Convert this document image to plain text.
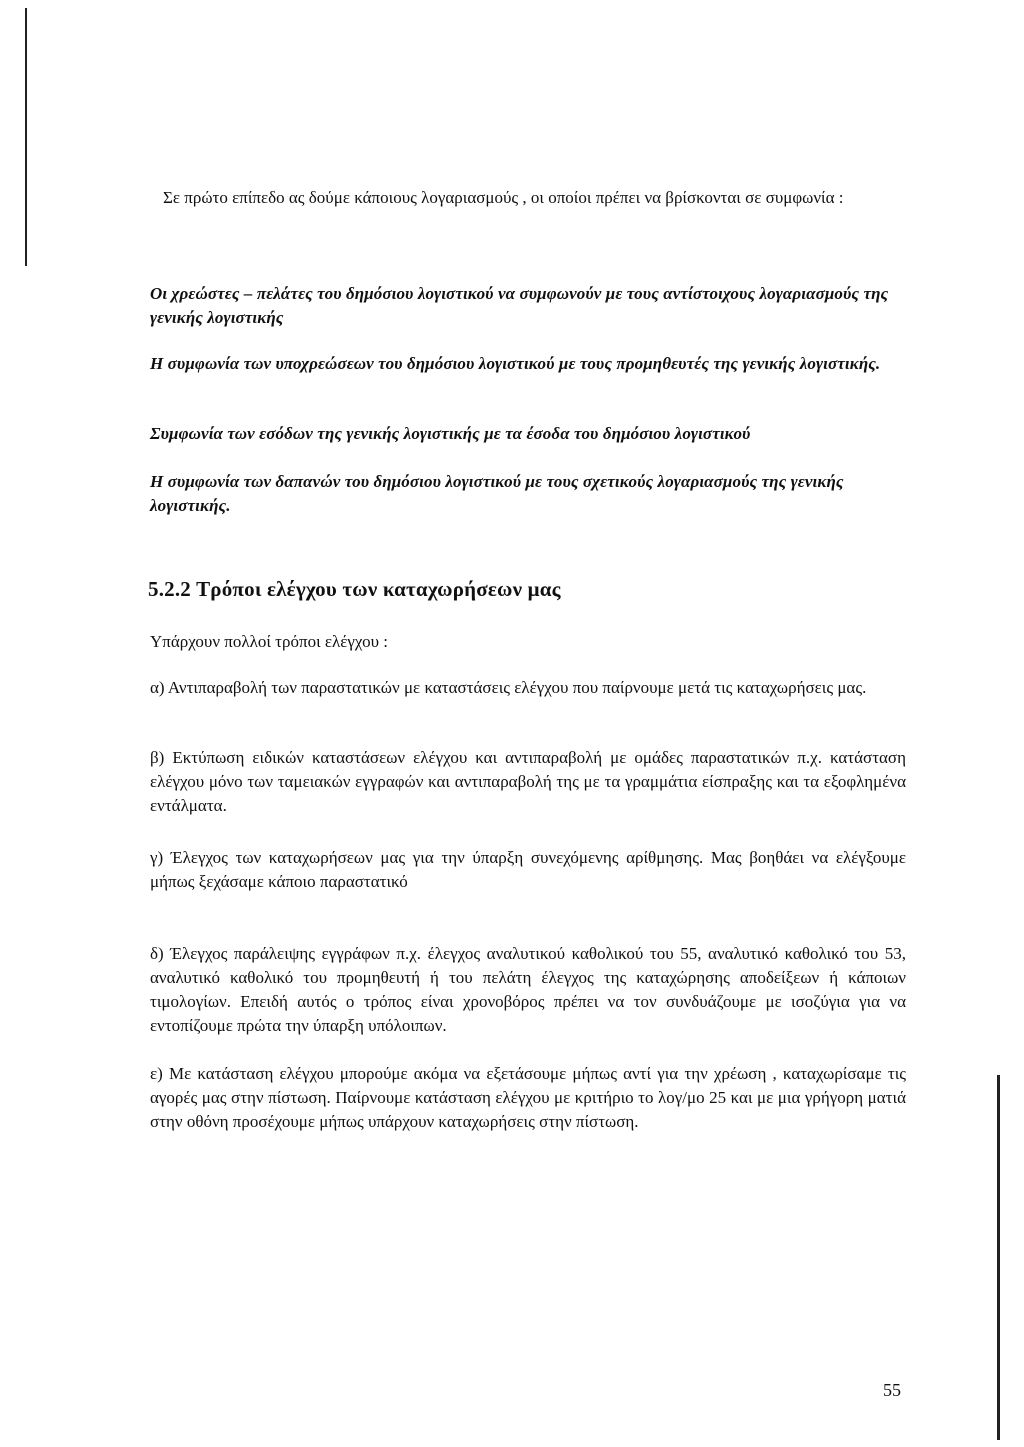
Σε πρώτο επίπεδο ας δούμε κάποιους λογαριασμούς , οι οποίοι πρέπει να βρίσκονται σε συμφωνία :

Οι χρεώστες – πελάτες του δημόσιου λογιστικού να συμφωνούν με τους αντίστοιχους λογαριασμούς της γενικής λογιστικής

Η συμφωνία των υποχρεώσεων του δημόσιου λογιστικού με τους προμηθευτές της γενικής λογιστικής.

Συμφωνία των εσόδων της γενικής λογιστικής με τα έσοδα του δημόσιου λογιστικού

Η συμφωνία των δαπανών του δημόσιου λογιστικού με τους σχετικούς λογαριασμούς της γενικής λογιστικής.

5.2.2 Τρόποι ελέγχου των καταχωρήσεων μας

Υπάρχουν πολλοί τρόποι ελέγχου :

α) Αντιπαραβολή των παραστατικών με καταστάσεις ελέγχου που παίρνουμε μετά τις καταχωρήσεις μας.

β) Εκτύπωση ειδικών καταστάσεων ελέγχου και αντιπαραβολή με ομάδες παραστατικών π.χ. κατάσταση ελέγχου μόνο των ταμειακών εγγραφών και αντιπαραβολή της με τα γραμμάτια είσπραξης και τα εξοφλημένα εντάλματα.

γ) Έλεγχος των καταχωρήσεων μας για την ύπαρξη συνεχόμενης αρίθμησης. Μας βοηθάει να ελέγξουμε μήπως ξεχάσαμε κάποιο παραστατικό

δ) Έλεγχος παράλειψης εγγράφων π.χ. έλεγχος αναλυτικού καθολικού του 55, αναλυτικό καθολικό του 53, αναλυτικό καθολικό του προμηθευτή ή του πελάτη έλεγχος της καταχώρησης αποδείξεων ή κάποιων τιμολογίων. Επειδή αυτός ο τρόπος είναι χρονοβόρος πρέπει να τον συνδυάζουμε με ισοζύγια για να εντοπίζουμε πρώτα την ύπαρξη υπόλοιπων.

ε) Με κατάσταση ελέγχου μπορούμε ακόμα να εξετάσουμε μήπως αντί για την χρέωση , καταχωρίσαμε τις αγορές μας στην πίστωση. Παίρνουμε κατάσταση ελέγχου με κριτήριο το λογ/μο 25 και με μια γρήγορη ματιά στην οθόνη προσέχουμε μήπως υπάρχουν καταχωρήσεις στην πίστωση.

55
